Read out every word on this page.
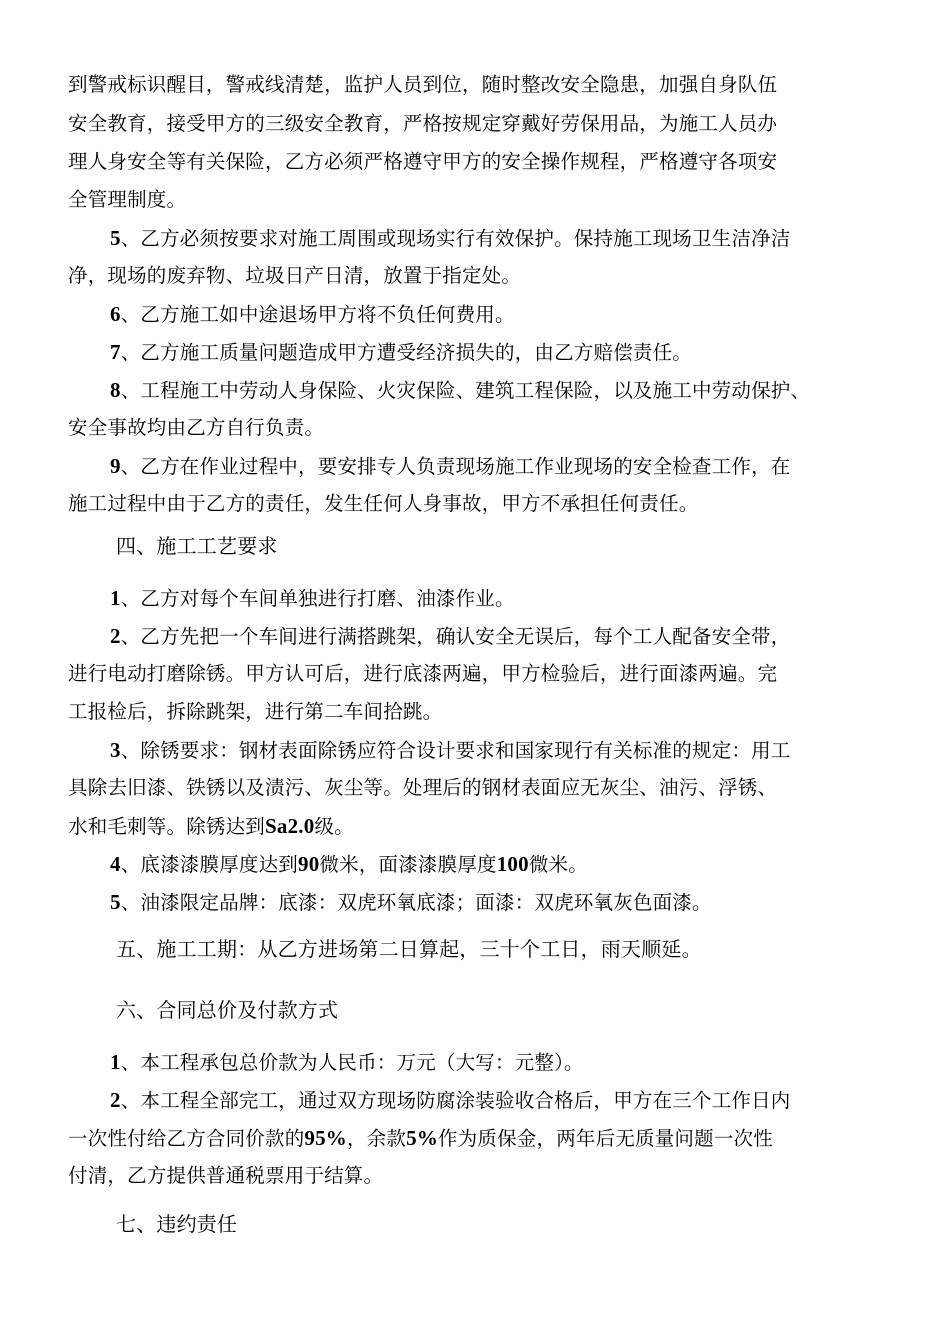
到警戒标识醒目，警戒线清楚，监护人员到位，随时整改安全隐患，加强自身队伍

安全教育，接受甲方的三级安全教育，严格按规定穿戴好劳保用品，为施工人员办

理人身安全等有关保险，乙方必须严格遵守甲方的安全操作规程，严格遵守各项安

全管理制度。

5、乙方必须按要求对施工周围或现场实行有效保护。保持施工现场卫生洁净洁

净，现场的废弃物、垃圾日产日清，放置于指定处。

6、乙方施工如中途退场甲方将不负任何费用。

7、乙方施工质量问题造成甲方遭受经济损失的，由乙方赔偿责任。

8、工程施工中劳动人身保险、火灾保险、建筑工程保险，以及施工中劳动保护、

安全事故均由乙方自行负责。

9、乙方在作业过程中，要安排专人负责现场施工作业现场的安全检查工作，在

施工过程中由于乙方的责任，发生任何人身事故，甲方不承担任何责任。

四、施工工艺要求

1、乙方对每个车间单独进行打磨、油漆作业。

2、乙方先把一个车间进行满搭跳架，确认安全无误后，每个工人配备安全带，

进行电动打磨除锈。甲方认可后，进行底漆两遍，甲方检验后，进行面漆两遍。完

工报检后，拆除跳架，进行第二车间拾跳。

3、除锈要求：钢材表面除锈应符合设计要求和国家现行有关标准的规定：用工

具除去旧漆、铁锈以及渍污、灰尘等。处理后的钢材表面应无灰尘、油污、浮锈、

水和毛刺等。除锈达到Sa2.0级。

4、底漆漆膜厚度达到90微米，面漆漆膜厚度100微米。

5、油漆限定品牌：底漆：双虎环氧底漆；面漆：双虎环氧灰色面漆。

五、施工工期：从乙方进场第二日算起，三十个工日，雨天顺延。

六、合同总价及付款方式

1、本工程承包总价款为人民币：万元（大写：元整）。

2、本工程全部完工，通过双方现场防腐涂装验收合格后，甲方在三个工作日内

一次性付给乙方合同价款的95%，余款5%作为质保金，两年后无质量问题一次性

付清，乙方提供普通税票用于结算。

七、违约责任
